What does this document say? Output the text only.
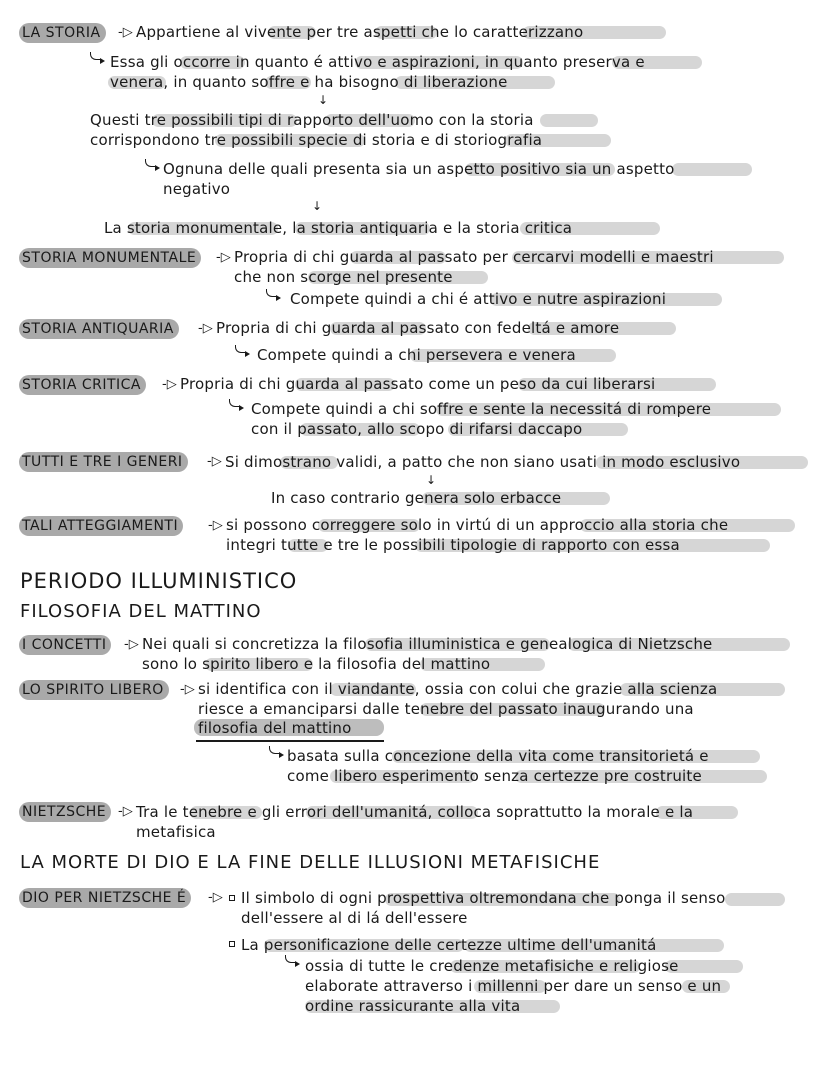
LA STORIA	-▷ Appartiene al vivente per tre aspetti che lo caratterizzano
Essa gli occorre in quanto é attivo e aspirazioni, in quanto preserva e
venera, in quanto soffre e ha bisogno di liberazione
↓
Questi tre possibili tipi di rapporto dell'uomo con la storia
corrispondono tre possibili specie di storia e di storiografia
Ognuna delle quali presenta sia un aspetto positivo sia un aspetto
negativo
↓
La storia monumentale, la storia antiquaria e la storia critica
STORIA MONUMENTALE	-▷ Propria di chi guarda al passato per cercarvi modelli e maestri
che non scorge nel presente
Compete quindi a chi é attivo e nutre aspirazioni
STORIA ANTIQUARIA	-▷ Propria di chi guarda al passato con fedeltá e amore
Compete quindi a chi persevera e venera
STORIA CRITICA	-▷ Propria di chi guarda al passato come un peso da cui liberarsi
Compete quindi a chi soffre e sente la necessitá di rompere
con il passato, allo scopo di rifarsi daccapo
TUTTI E TRE I GENERI	-▷ Si dimostrano validi, a patto che non siano usati in modo esclusivo
↓
In caso contrario genera solo erbacce
TALI ATTEGGIAMENTI	-▷ si possono correggere solo in virtú di un approccio alla storia che
integri tutte e tre le possibili tipologie di rapporto con essa
PERIODO ILLUMINISTICO
FILOSOFIA DEL MATTINO
I CONCETTI	-▷ Nei quali si concretizza la filosofia illuministica e genealogica di Nietzsche
sono lo spirito libero e la filosofia del mattino
LO SPIRITO LIBERO	-▷ si identifica con il viandante, ossia con colui che grazie alla scienza
riesce a emanciparsi dalle tenebre del passato inaugurando una
filosofia del mattino
basata sulla concezione della vita come transitorietá e
come libero esperimento senza certezze pre costruite
NIETZSCHE -▷ Tra le tenebre e gli errori dell'umanitá, colloca soprattutto la morale e la
metafisica
LA MORTE DI DIO E LA FINE DELLE ILLUSIONI METAFISICHE
DIO PER NIETZSCHE É	-▷ Il simbolo di ogni prospettiva oltremondana che ponga il senso
dell'essere al di lá dell'essere
La personificazione delle certezze ultime dell'umanitá
ossia di tutte le credenze metafisiche e religiose
elaborate attraverso i millenni per dare un senso e un
ordine rassicurante alla vita
